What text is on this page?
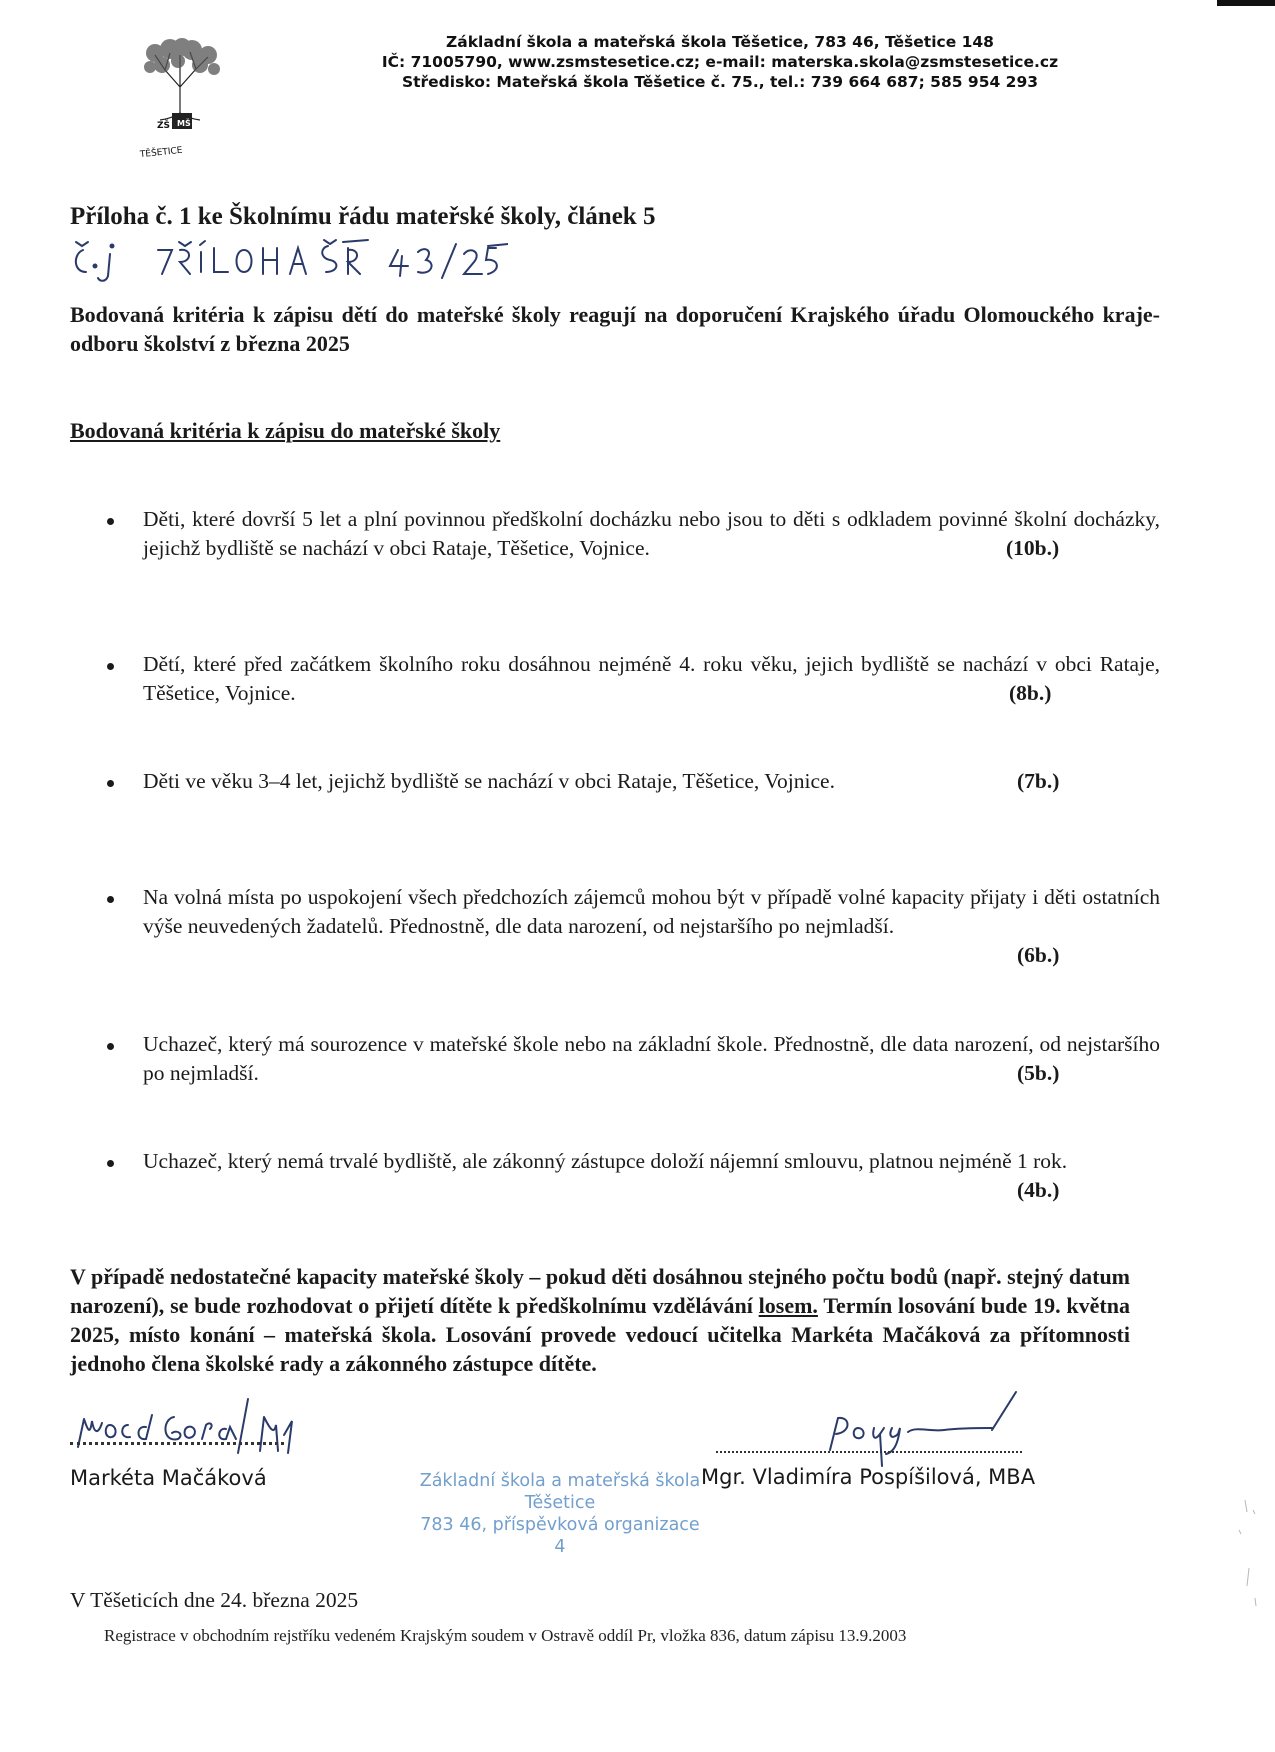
ZŠ MŠ
TĚŠETICE
Základní škola a mateřská škola Těšetice, 783 46, Těšetice 148
IČ: 71005790, www.zsmstesetice.cz; e-mail: materska.skola@zsmstesetice.cz
Středisko: Mateřská škola Těšetice č. 75., tel.: 739 664 687; 585 954 293
Příloha č. 1 ke Školnímu řádu mateřské školy, článek 5

Bodovaná kritéria k zápisu dětí do mateřské školy reagují na doporučení Krajského úřadu Olomouckého kraje-odboru školství z března 2025

Bodovaná kritéria k zápisu do mateřské školy
Děti, které dovrší 5 let a plní povinnou předškolní docházku nebo jsou to děti s odkladem povinné školní docházky, jejichž bydliště se nachází v obci Rataje, Těšetice, Vojnice.	(10b.)
Dětí, které před začátkem školního roku dosáhnou nejméně 4. roku věku, jejich bydliště se nachází v obci Rataje, Těšetice, Vojnice.	(8b.)
Děti ve věku 3–4 let, jejichž bydliště se nachází v obci Rataje, Těšetice, Vojnice.	(7b.)
Na volná místa po uspokojení všech předchozích zájemců mohou být v případě volné kapacity přijaty i děti ostatních výše neuvedených žadatelů. Přednostně, dle data narození, od nejstaršího po nejmladší.
(6b.)
Uchazeč, který má sourozence v mateřské škole nebo na základní škole. Přednostně, dle data narození, od nejstaršího po nejmladší.	(5b.)
Uchazeč, který nemá trvalé bydliště, ale zákonný zástupce doloží nájemní smlouvu, platnou nejméně 1 rok.
(4b.)

V případě nedostatečné kapacity mateřské školy – pokud děti dosáhnou stejného počtu bodů (např. stejný datum narození), se bude rozhodovat o přijetí dítěte k předškolnímu vzdělávání losem. Termín losování bude 19. května 2025, místo konání – mateřská škola. Losování provede vedoucí učitelka Markéta Mačáková za přítomnosti jednoho člena školské rady a zákonného zástupce dítěte.

Markéta Mačáková	Základní škola a mateřská škola Těšetice
783 46, příspěvková organizace
4
Mgr. Vladimíra Pospíšilová, MBA
V Těšeticích dne 24. března 2025
Registrace v obchodním rejstříku vedeném Krajským soudem v Ostravě oddíl Pr, vložka 836, datum zápisu 13.9.2003
